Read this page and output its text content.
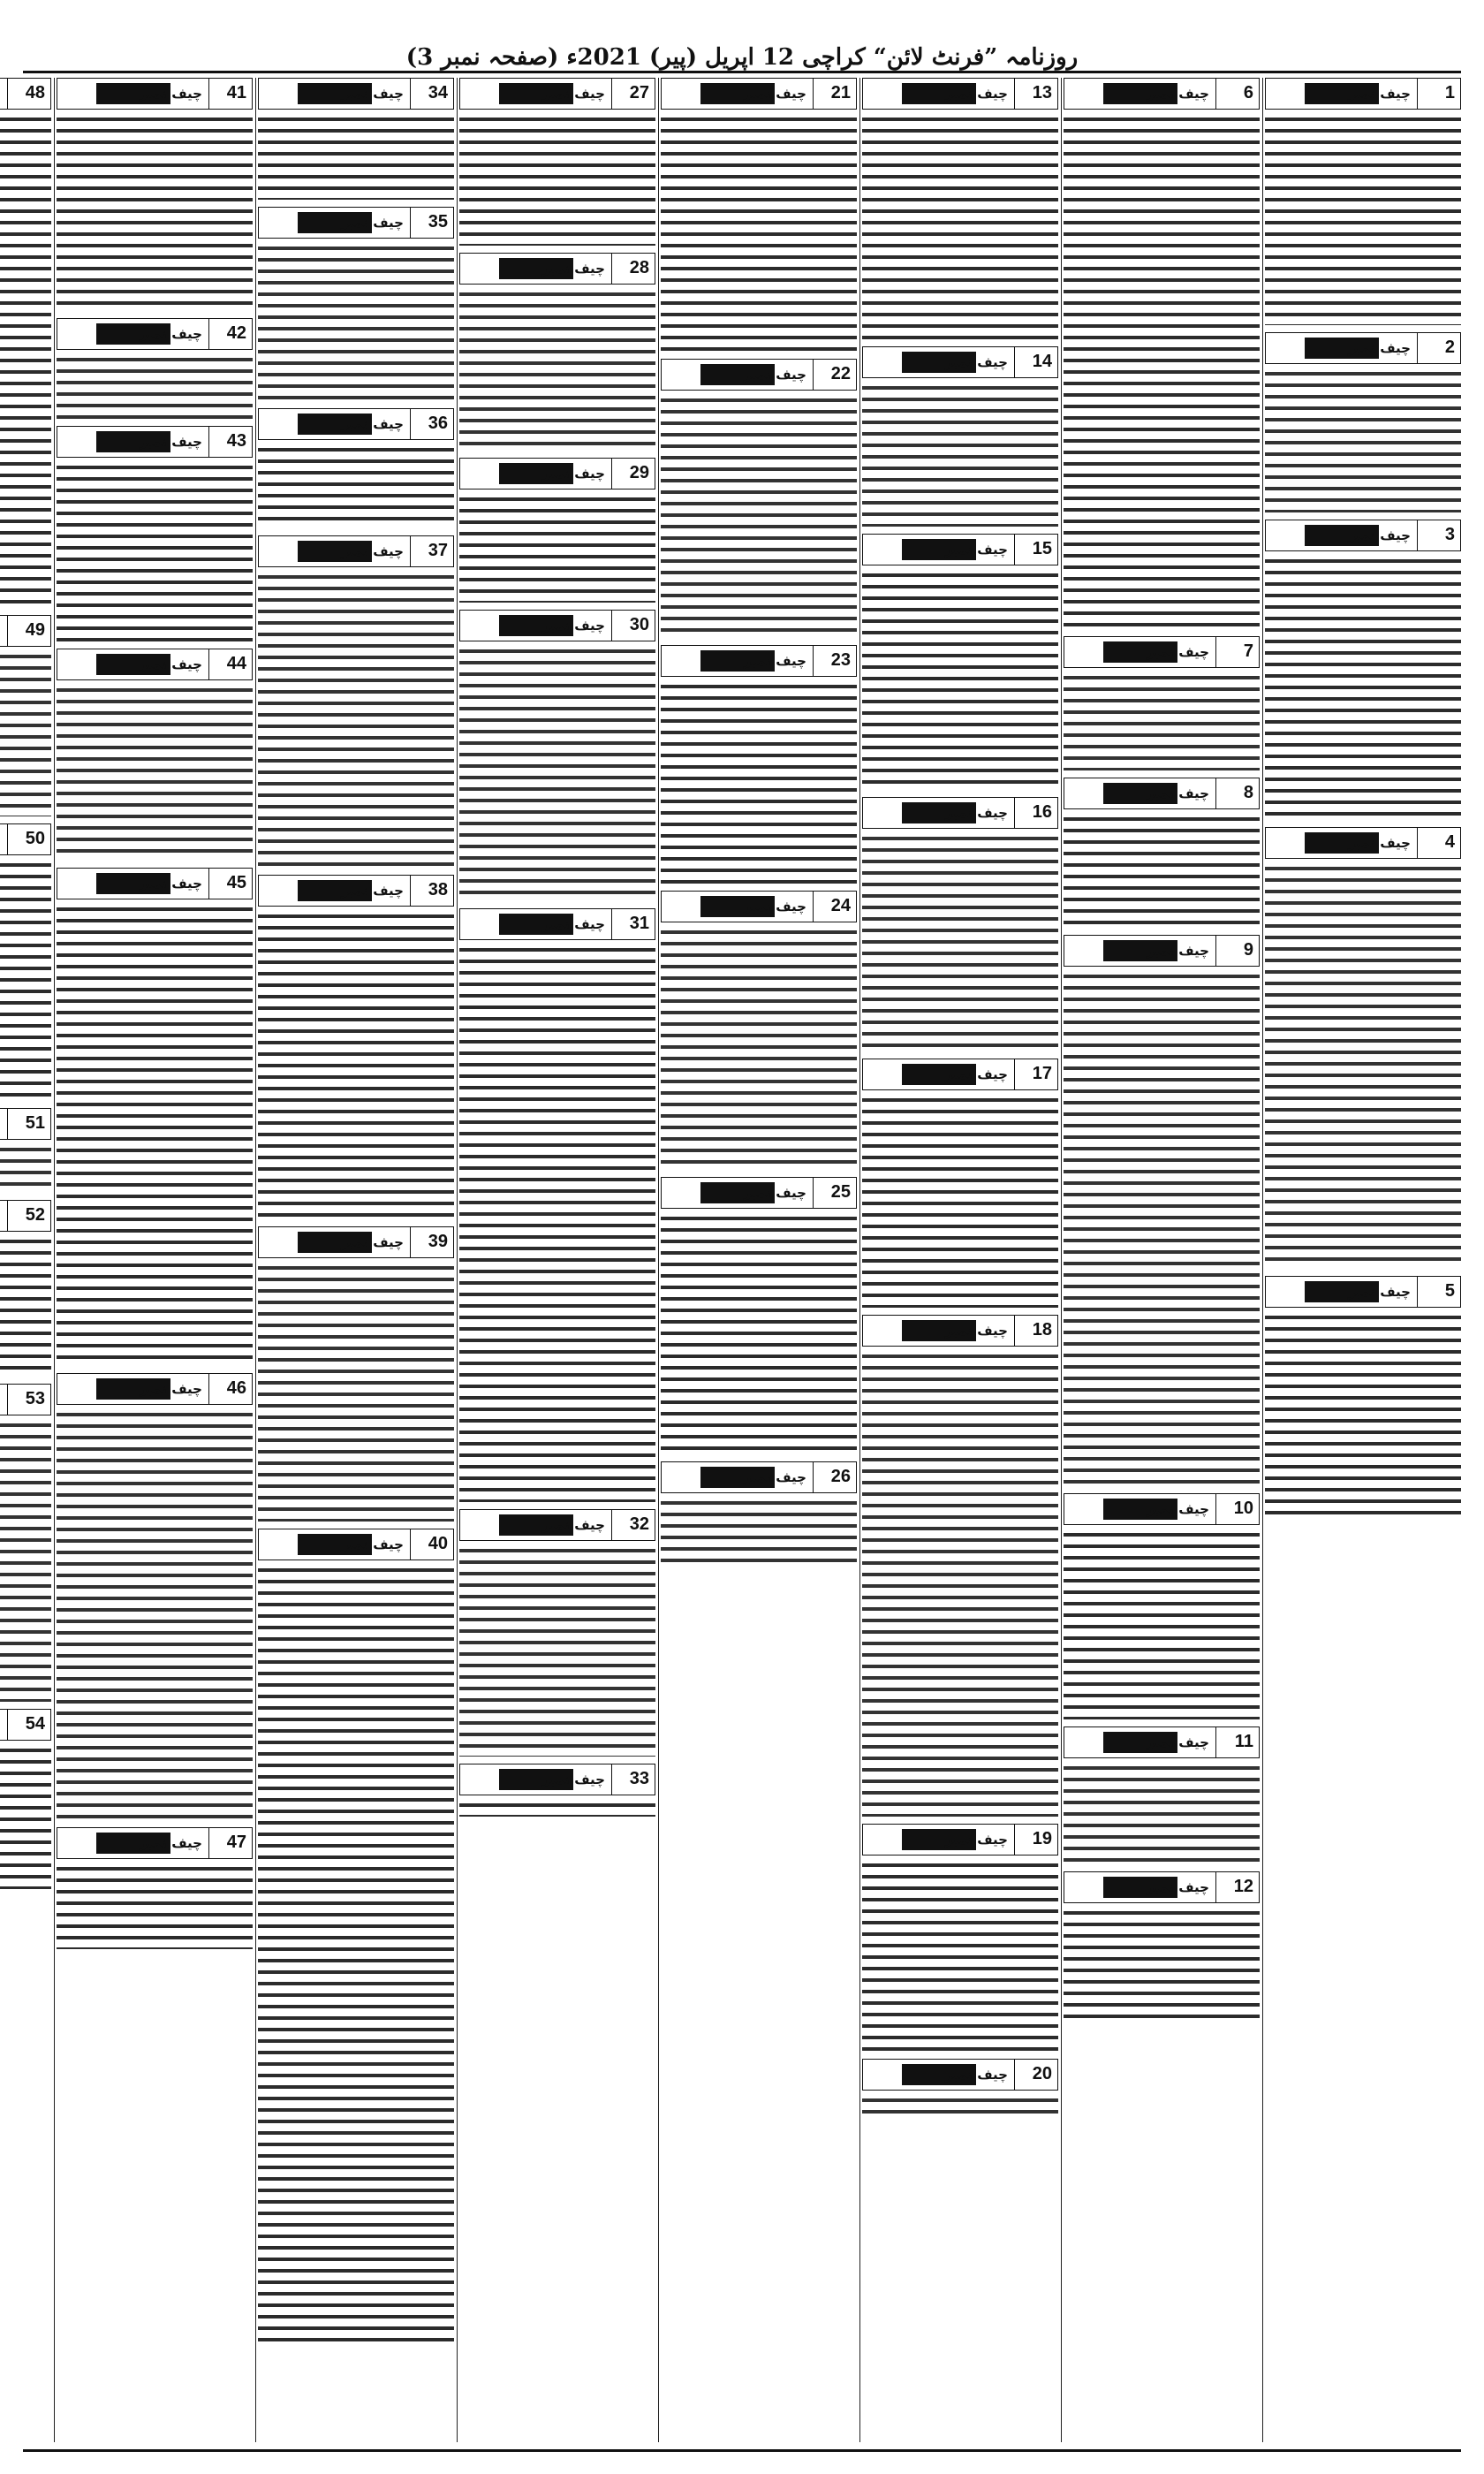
روزنامہ ”فرنٹ لائن“ کراچی 12 اپریل (پیر) 2021ء (صفحہ نمبر 3)
چیف نمبر 1
چیف نمبر 2
چیف نمبر 3
چیف نمبر 4
چیف نمبر 5
چیف نمبر 6
چیف نمبر 7
چیف نمبر 8
چیف نمبر 9
چیف نمبر 10
چیف نمبر 11
چیف نمبر 12
چیف نمبر 13
چیف نمبر 14
چیف نمبر 15
چیف نمبر 16
چیف نمبر 17
چیف نمبر 18
چیف نمبر 19
چیف نمبر 20
چیف نمبر 21
چیف نمبر 22
چیف نمبر 23
چیف نمبر 24
چیف نمبر 25
چیف نمبر 26
چیف نمبر 27
چیف نمبر 28
چیف نمبر 29
چیف نمبر 30
چیف نمبر 31
چیف نمبر 32
چیف نمبر 33
چیف نمبر 34
چیف نمبر 35
چیف نمبر 36
چیف نمبر 37
چیف نمبر 38
چیف نمبر 39
چیف نمبر 40
چیف نمبر 41
چیف نمبر 42
چیف نمبر 43
چیف نمبر 44
چیف نمبر 45
چیف نمبر 46
چیف نمبر 47
48
49
50
51
52
53
54
